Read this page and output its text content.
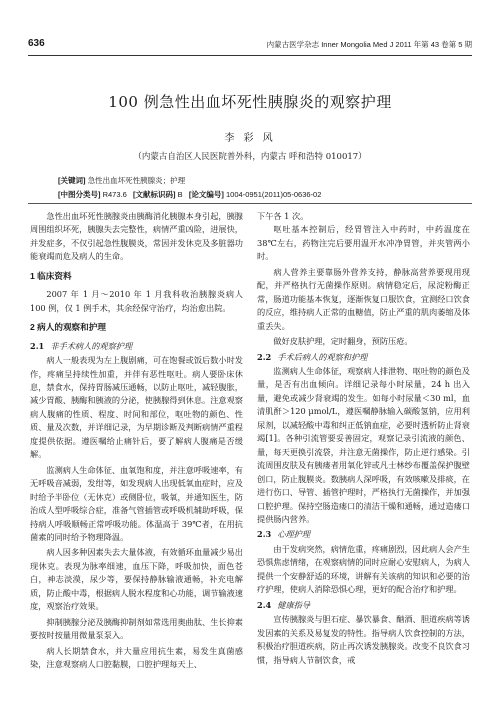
636	内蒙古医学杂志 Inner Mongolia Med J 2011 年第 43 卷第 5 期
100 例急性出血坏死性胰腺炎的观察护理
李 彩 风
（内蒙古自治区人民医院普外科，内蒙古 呼和浩特 010017）
[关键词] 急性出血坏死性胰腺炎；护理
[中图分类号] R473.6 [文献标识码] B [论文编号] 1004-0951(2011)05-0636-02

急性出血坏死性胰腺炎由胰酶消化胰腺本身引起，胰腺周围组织坏死，胰腺失去完整性，病情严重凶险，进展快，并发症多，不仅引起急性腹膜炎，常因并发休克及多脏器功能衰竭而危及病人的生命。

1 临床资料

2007 年 1 月～2010 年 1 月我科收治胰腺炎病人 100 例，仅 1 例手术，其余经保守治疗，均治愈出院。

2 病人的观察和护理
2.1 非手术病人的观察护理

病人一般表现为左上腹剧痛，可在饱餐或饭后数小时发作，疼痛呈持续性加重，并伴有恶性呕吐。病人要卧床休息，禁食水，保持胃肠减压通畅，以防止呕吐，减轻腹胀，减少胃酸、胰酶和胰液的分泌，使胰腺得到休息。注意观察病人腹痛的性质、程度、时间和部位，呕吐物的颜色、性质、量及次数，并详细记录，为早期诊断及判断病情严重程度提供依据。遵医嘱给止痛针后，要了解病人腹痛是否缓解。

监测病人生命体征、血氧饱和度，并注意呼吸速率，有无呼吸音减弱，发绀等，如发现病人出现低氧血症时，应及时给予半卧位（无休克）或侧卧位，吸氧，并通知医生，防治成人型呼吸综合症，准备气管插管或呼吸机辅助呼吸，保持病人呼吸顺畅正常呼吸功能。体温高于 39℃者，在用抗菌素的同时给予物理降温。

病人因多种因素失去大量体液，有效循环血量减少易出现休克。表现为脉率细速，血压下降，呼吸加快，面色苍白，神志淡漠，尿少等，要保持静脉输液通畅，补充电解质，防止酸中毒，根据病人脱水程度和心功能，调节输液速度，观察治疗效果。

抑制胰腺分泌及胰酶抑制剂如常选用奥曲肽、生长抑素要按时按量用微量泵泵入。

病人长期禁食水，并大量应用抗生素，易发生真菌感染，注意观察病人口腔黏膜，口腔护理每天上、

下午各 1 次。

呕吐基本控制后，经胃管注入中药时，中药温度在 38℃左右，药物注完后要用温开水冲净胃管，并夹管两小时。

病人营养主要靠肠外营养支持，静脉高营养要现用现配，并严格执行无菌操作原则。病情稳定后，尿淀粉酶正常，肠道功能基本恢复，逐渐恢复口服饮食，宜测经口饮食的反应，维持病人正常的血糖值，防止严重的肌肉萎缩及体重丢失。

做好皮肤护理，定时翻身，预防压疮。

2.2 手术后病人的观察和护理

监测病人生命体征，观察病人排泄物、呕吐物的颜色及量，是否有出血倾向。详细记录每小时尿量，24 h 出入量，避免或减少肾衰竭的发生。如每小时尿量＜30 ml，血清肌酐＞120 μmol/L，遵医嘱静脉输入碳酸氢钠，应用利尿剂，以减轻酸中毒和纠正低钠血症，必要时透析防止肾衰竭[1]。各种引流管要妥善固定，观察记录引流液的颜色、量，每天更换引流袋，并注意无菌操作，防止逆行感染。引流周围皮肤及有胰瘘者用氧化锌或凡士林纱布覆盖保护腹壁创口，防止腹膜炎。数胰病人深呼吸，有效咳嗽及排痰，在进行伤口、导管、插管护理时，严格执行无菌操作，并加强口腔护理。保持空肠造瘘口的清洁干燥和通畅，通过造瘘口提供肠内营养。

2.3 心理护理

由于发病突然，病情危重，疼痛剧烈，因此病人会产生恐惧焦虑情绪，在观察病情的同时应耐心安慰病人，为病人提供一个安静舒适的环境，讲解有关该病的知识和必要的治疗护理，使病人消除恐惧心理，更好的配合治疗和护理。

2.4 健康指导

宣传胰腺炎与胆石症、暴饮暴食、酗酒、胆道疾病等诱发因素的关系及易复发的特性。指导病人饮食控制的方法，积极治疗胆道疾病，防止再次诱发胰腺炎。改变不良饮食习惯，指导病人节制饮食，戒
